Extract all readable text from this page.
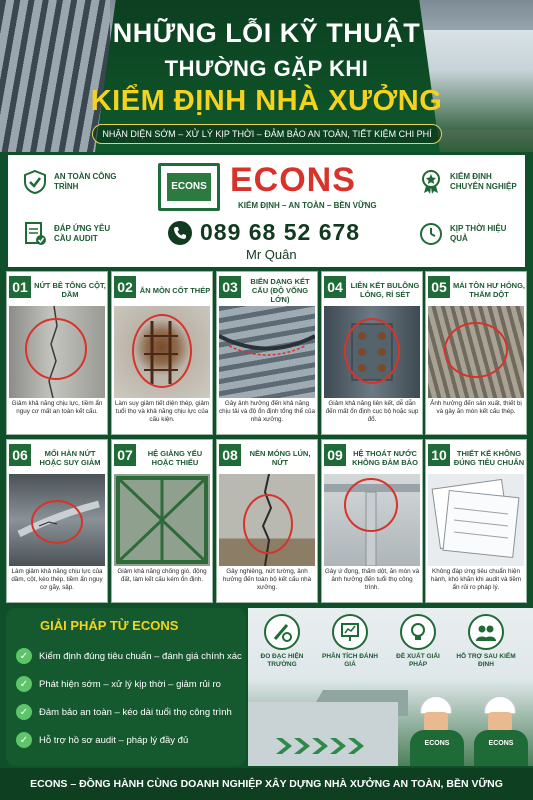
NHỮNG LỖI KỸ THUẬT
THƯỜNG GẶP KHI
KIỂM ĐỊNH NHÀ XƯỞNG
NHẬN DIỆN SỚM – XỬ LÝ KỊP THỜI – ĐẢM BẢO AN TOÀN, TIẾT KIỆM CHI PHÍ
AN TOÀN CÔNG TRÌNH
ĐÁP ỨNG YÊU CẦU AUDIT
KIỂM ĐỊNH CHUYÊN NGHIỆP
KỊP THỜI HIỆU QUẢ
ECONS ECONS
KIỂM ĐỊNH – AN TOÀN – BỀN VỮNG
089 68 52 678
Mr Quân
01 NỨT BÊ TÔNG CỘT, DẦM
Giảm khả năng chịu lực, tiềm ẩn nguy cơ mất an toàn kết cấu.
02 ĂN MÒN CỐT THÉP
Làm suy giảm tiết diện thép, giảm tuổi thọ và khả năng chịu lực của cấu kiện.
03	BIẾN DẠNG KẾT CẤU (ĐỘ VÕNG LỚN)
Gây ảnh hưởng đến khả năng chịu tải và độ ổn định tổng thể của nhà xưởng.
04	LIÊN KẾT BULÔNG LỎNG, RỈ SÉT
Giảm khả năng liên kết, dễ dẫn đến mất ổn định cục bộ hoặc sụp đổ.
05 MÁI TÔN HƯ HỎNG, THẤM DỘT
Ảnh hưởng đến sản xuất, thiết bị và gây ăn mòn kết cấu thép.
06	MỐI HÀN NỨT HOẶC SUY GIẢM
Làm giảm khả năng chịu lực của dầm, cột, kèo thép, tiềm ẩn nguy cơ gãy, sập.
07	HỆ GIẰNG YẾU HOẶC THIẾU
Giảm khả năng chống gió, động đất, làm kết cấu kém ổn định.
08	NỀN MÓNG LÚN, NỨT
Gây nghiêng, nứt tường, ảnh hưởng đến toàn bộ kết cấu nhà xưởng.
09	HỆ THOÁT NƯỚC KHÔNG ĐẢM BẢO
Gây ứ đọng, thấm dột, ăn mòn và ảnh hưởng đến tuổi thọ công trình.
10	THIẾT KẾ KHÔNG ĐÚNG TIÊU CHUẨN
Không đáp ứng tiêu chuẩn hiện hành, khó khăn khi audit và tiềm ẩn rủi ro pháp lý.
GIẢI PHÁP TỪ ECONS
✓	Kiểm định đúng tiêu chuẩn – đánh giá chính xác
✓	Phát hiện sớm – xử lý kịp thời – giảm rủi ro
✓	Đảm bảo an toàn – kéo dài tuổi thọ công trình
✓	Hỗ trợ hồ sơ audit – pháp lý đầy đủ
ĐO ĐẠC HIỆN TRƯỜNG
PHÂN TÍCH ĐÁNH GIÁ
ĐỀ XUẤT GIẢI PHÁP
HỖ TRỢ SAU KIỂM ĐỊNH
ECONS	ECONS
ECONS – ĐỒNG HÀNH CÙNG DOANH NGHIỆP XÂY DỰNG NHÀ XƯỞNG AN TOÀN, BỀN VỮNG
